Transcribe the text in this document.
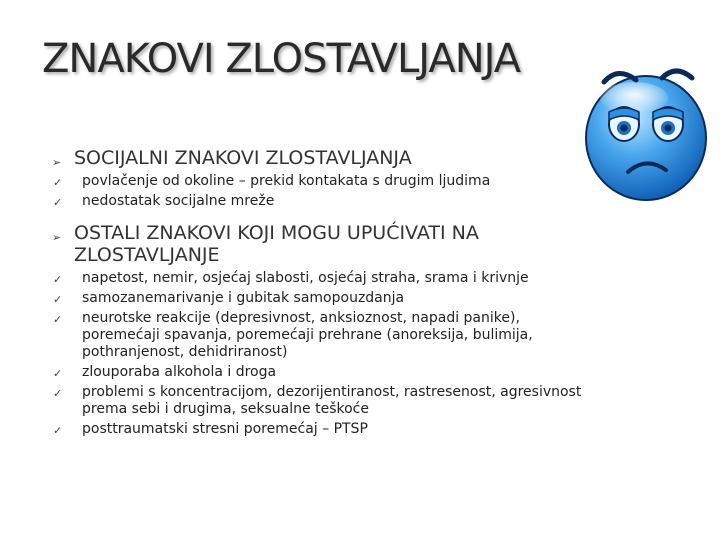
ZNAKOVI ZLOSTAVLJANJA
➢ SOCIJALNI ZNAKOVI ZLOSTAVLJANJA
✓ povlačenje od okoline – prekid kontakata s drugim ljudima
✓ nedostatak socijalne mreže
➢ OSTALI ZNAKOVI KOJI MOGU UPUĆIVATI NA ZLOSTAVLJANJE
✓ napetost, nemir, osjećaj slabosti, osjećaj straha, srama i krivnje
✓ samozanemarivanje i gubitak samopouzdanja
✓ neurotske reakcije (depresivnost, anksioznost, napadi panike), poremećaji spavanja, poremećaji prehrane (anoreksija, bulimija, pothranjenost, dehidriranost)
✓ zlouporaba alkohola i droga
✓ problemi s koncentracijom, dezorijentiranost, rastresenost, agresivnost prema sebi i drugima, seksualne teškoće
✓ posttraumatski stresni poremećaj – PTSP
